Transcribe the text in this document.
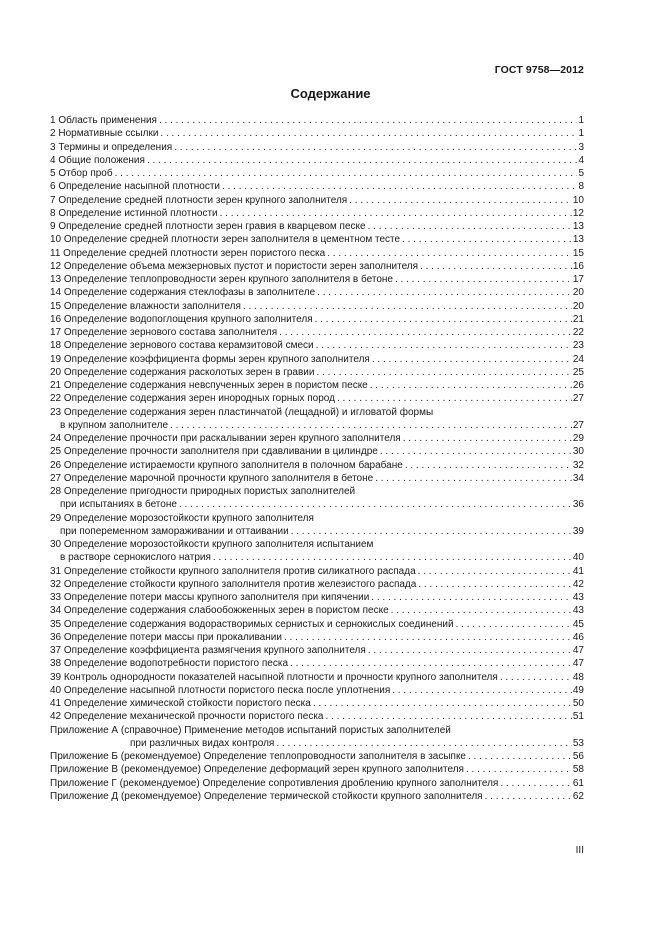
ГОСТ 9758—2012
Содержание
1 Область применения . . .	1
2 Нормативные ссылки . . .	1
3 Термины и определения . . .	3
4 Общие положения . . .	4
5 Отбор проб . . .	5
6 Определение насыпной плотности . . .	8
7 Определение средней плотности зерен крупного заполнителя . . .	10
8 Определение истинной плотности . . .	12
9 Определение средней плотности зерен гравия в кварцевом песке . . .	13
10 Определение средней плотности зерен заполнителя в цементном тесте . . .	13
11 Определение средней плотности зерен пористого песка . . .	15
12 Определение объема межзерновых пустот и пористости зерен заполнителя . . .	16
13 Определение теплопроводности зерен крупного заполнителя в бетоне . . .	17
14 Определение содержания стеклофазы в заполнителе . . .	20
15 Определение влажности заполнителя . . .	20
16 Определение водопоглощения крупного заполнителя . . .	21
17 Определение зернового состава заполнителя . . .	22
18 Определение зернового состава керамзитовой смеси . . .	23
19 Определение коэффициента формы зерен крупного заполнителя . . .	24
20 Определение содержания расколотых зерен в гравии . . .	25
21 Определение содержания невспученных зерен в пористом песке . . .	26
22 Определение содержания зерен инородных горных пород . . .	27
23 Определение содержания зерен пластинчатой (лещадной) и игловатой формы
в крупном заполнителе . . .	27
24 Определение прочности при раскалывании зерен крупного заполнителя . . .	29
25 Определение прочности заполнителя при сдавливании в цилиндре . . .	30
26 Определение истираемости крупного заполнителя в полочном барабане . . .	32
27 Определение марочной прочности крупного заполнителя в бетоне . . .	34
28 Определение пригодности природных пористых заполнителей
при испытаниях в бетоне . . .	36
29 Определение морозостойкости крупного заполнителя
при попеременном замораживании и оттаивании . . .	39
30 Определение морозостойкости крупного заполнителя испытанием
в растворе сернокислого натрия . . .	40
31 Определение стойкости крупного заполнителя против силикатного распада . . .	41
32 Определение стойкости крупного заполнителя против железистого распада . . .	42
33 Определение потери массы крупного заполнителя при кипячении . . .	43
34 Определение содержания слабообожженных зерен в пористом песке . . .	43
35 Определение содержания водорастворимых сернистых и сернокислых соединений . . .	45
36 Определение потери массы при прокаливании . . .	46
37 Определение коэффициента размягчения крупного заполнителя . . .	47
38 Определение водопотребности пористого песка . . .	47
39 Контроль однородности показателей насыпной плотности и прочности крупного заполнителя . . .	48
40 Определение насыпной плотности пористого песка после уплотнения . . .	49
41 Определение химической стойкости пористого песка . . .	50
42 Определение механической прочности пористого песка . . .	51
Приложение А (справочное) Применение методов испытаний пористых заполнителей
при различных видах контроля . . .	53
Приложение Б (рекомендуемое) Определение теплопроводности заполнителя в засыпке . . .	56
Приложение В (рекомендуемое) Определение деформаций зерен крупного заполнителя . . .	58
Приложение Г (рекомендуемое) Определение сопротивления дроблению крупного заполнителя . . .	61
Приложение Д (рекомендуемое) Определение термической стойкости крупного заполнителя . . .	62
III
